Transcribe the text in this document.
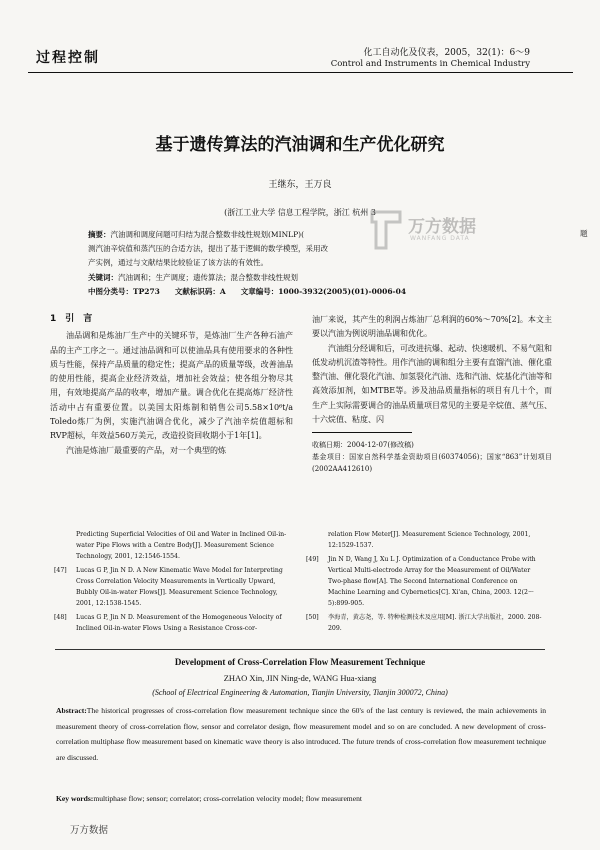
过程控制	化工自动化及仪表，2005，32(1)：6～9
Control and Instruments in Chemical Industry
基于遗传算法的汽油调和生产优化研究
王继东，王万良
(浙江工业大学 信息工程学院，浙江 杭州 3
万方数据
WANFANG DATA
摘要：汽油调和调度问题可归结为混合整数非线性规划(MINLP)(
测汽油辛烷值和蒸汽压的合适方法，提出了基于逻辑的数学模型，采用改
产实例，通过与文献结果比较验证了该方法的有效性。
题
关键词：汽油调和；生产调度；遗传算法；混合整数非线性规划
中图分类号：TP273　　文献标识码：A　　文章编号：1000-3932(2005)(01)-0006-04
1　引　言

油品调和是炼油厂生产中的关键环节，是炼油厂生产各种石油产品的主产工序之一。通过油品调和可以使油品具有使用要求的各种性质与性能，保持产品质量的稳定性；提高产品的质量等级，改善油品的使用性能，提高企业经济效益，增加社会效益；使各组分物尽其用，有效地提高产品的收率，增加产量。调合优化在提高炼厂经济性活动中占有重要位置。以美国太阳炼制和销售公司5.58×10⁶t/a Toledo炼厂为例，实施汽油调合优化，减少了汽油辛烷值超标和RVP超标，年效益560万美元，改造投资回收期小于1年[1]。

汽油是炼油厂最重要的产品，对一个典型的炼

油厂来说，其产生的利润占炼油厂总利润的60%～70%[2]。本文主要以汽油为例说明油品调和优化。

汽油组分经调和后，可改进抗爆、起动、快速暖机、不易气阻和低发动机沉渣等特性。用作汽油的调和组分主要有直馏汽油、催化重整汽油、催化裂化汽油、加氢裂化汽油、选和汽油、烷基化汽油等和高效添加剂，如MTBE等。涉及油品质量指标的项目有几十个，而生产上实际需要调合的油品质量项目常见的主要是辛烷值、蒸气压、十六烷值、粘度、闪

收稿日期：2004-12-07(修改稿)
基金项目：国家自然科学基金资助项目(60374056)；国家“863”计划项目(2002AA412610)
Predicting Superficial Velocities of Oil and Water in Inclined Oil-in-water Pipe Flows with a Centre Body[J]. Measurement Science Technology, 2001, 12:1546-1554.
[47]	Lucas G P, Jin N D. A New Kinematic Wave Model for Interpreting Cross Correlation Velocity Measurements in Vertically Upward, Bubbly Oil-in-water Flows[J]. Measurement Science Technology, 2001, 12:1538-1545.
[48]	Lucas G P, Jin N D. Measurement of the Homogeneous Velocity of Inclined Oil-in-water Flows Using a Resistance Cross-cor-
relation Flow Meter[J]. Measurement Science Technology, 2001, 12:1529-1537.
[49]	Jin N D, Wang J, Xu L J. Optimization of a Conductance Probe with Vertical Multi-electrode Array for the Measurement of Oil/Water Two-phase flow[A]. The Second International Conference on Machine Learning and Cybernetics[C]. Xi'an, China, 2003. 12(2～5):899-905.
[50]	李海青，黄志尧，等. 特种检测技术及应用[M]. 浙江大学出版社，2000. 208-209.
Development of Cross-Correlation Flow Measurement Technique
ZHAO Xin, JIN Ning-de, WANG Hua-xiang
(School of Electrical Engineering & Automation, Tianjin University, Tianjin 300072, China)
Abstract:The historical progresses of cross-correlation flow measurement technique since the 60's of the last century is reviewed, the main achievements in measurement theory of cross-correlation flow, sensor and correlator design, flow measurement model and so on are concluded. A new development of cross-correlation multiphase flow measurement based on kinematic wave theory is also introduced. The future trends of cross-correlation flow measurement technique are discussed.
Key words:multiphase flow; sensor; correlator; cross-correlation velocity model; flow measurement
万方数据
